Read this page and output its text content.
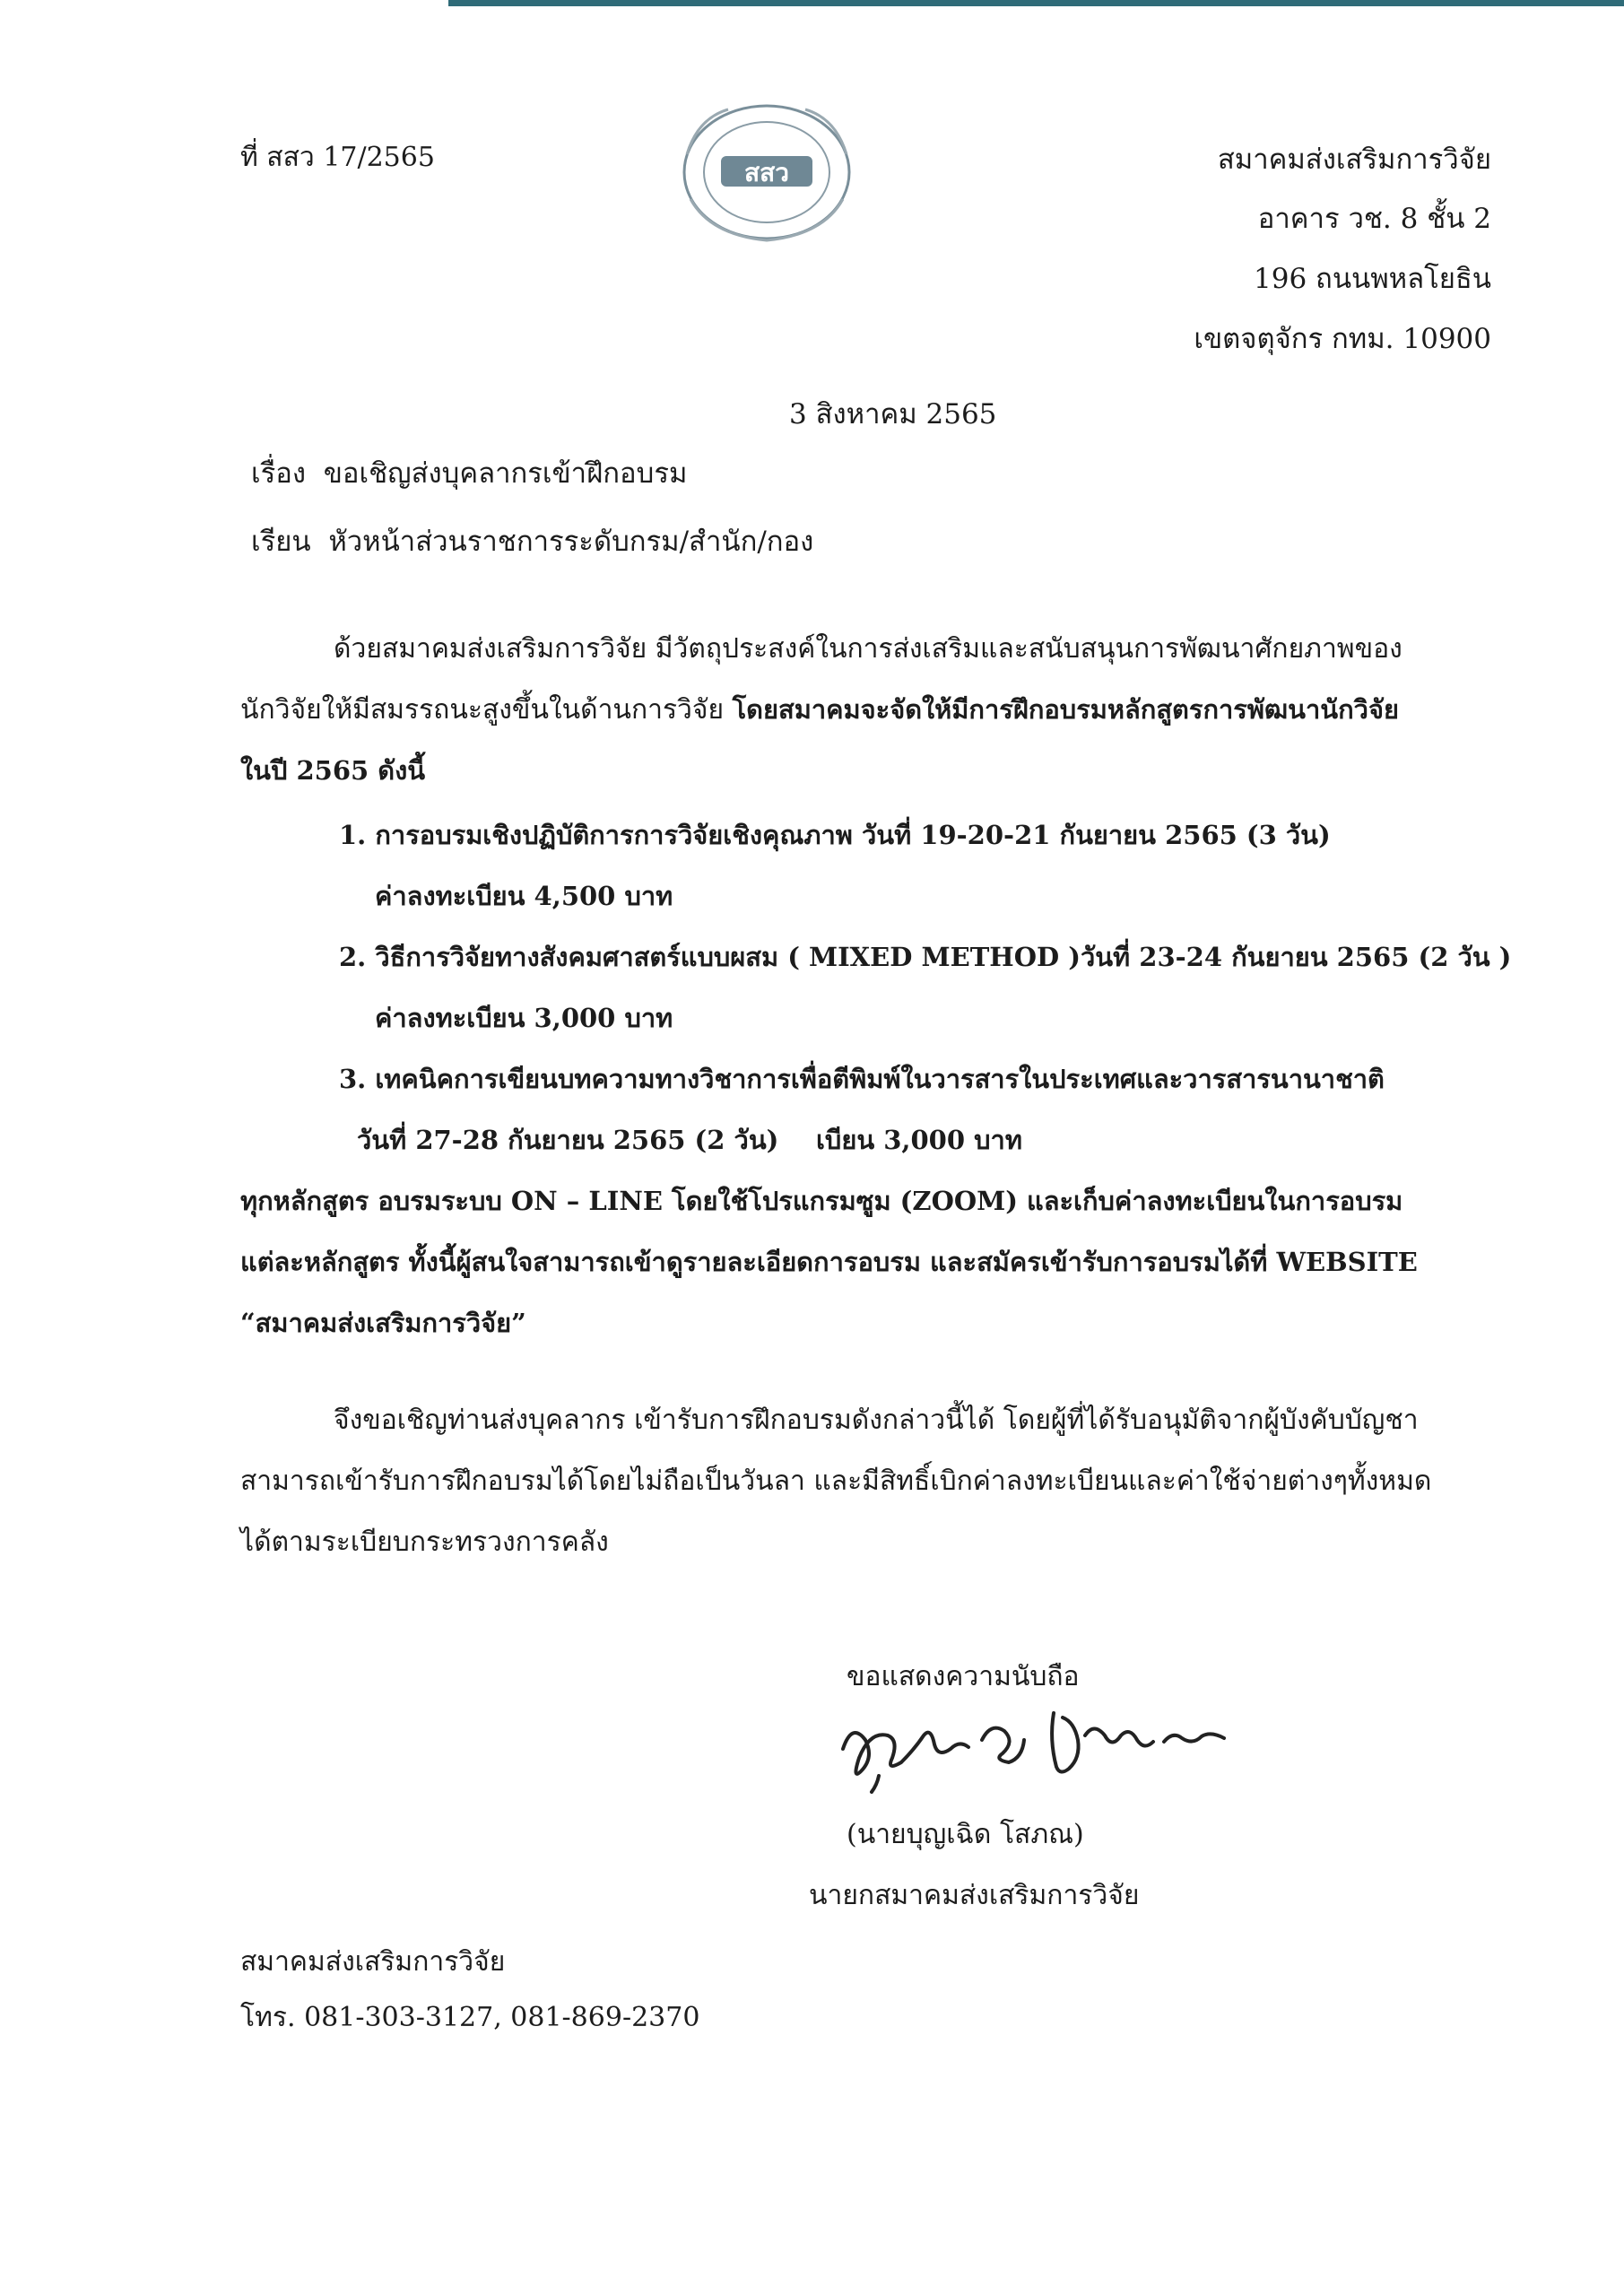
ที่ สสว 17/2565	สสว	สมาคมส่งเสริมการวิจัย
อาคาร วช. 8 ชั้น 2
196 ถนนพหลโยธิน
เขตจตุจักร กทม. 10900
3 สิงหาคม 2565
เรื่อง ขอเชิญส่งบุคลากรเข้าฝึกอบรม
เรียน หัวหน้าส่วนราชการระดับกรม/สำนัก/กอง
ด้วยสมาคมส่งเสริมการวิจัย มีวัตถุประสงค์ในการส่งเสริมและสนับสนุนการพัฒนาศักยภาพของ
นักวิจัยให้มีสมรรถนะสูงขึ้นในด้านการวิจัย โดยสมาคมจะจัดให้มีการฝึกอบรมหลักสูตรการพัฒนานักวิจัย
ในปี 2565 ดังนี้
1. การอบรมเชิงปฏิบัติการการวิจัยเชิงคุณภาพ วันที่ 19-20-21 กันยายน 2565 (3 วัน)
ค่าลงทะเบียน 4,500 บาท
2. วิธีการวิจัยทางสังคมศาสตร์แบบผสม ( MIXED METHOD )วันที่ 23-24 กันยายน 2565 (2 วัน )
ค่าลงทะเบียน 3,000 บาท
3. เทคนิคการเขียนบทความทางวิชาการเพื่อตีพิมพ์ในวารสารในประเทศและวารสารนานาชาติ
วันที่ 27-28 กันยายน 2565 (2 วัน) เบียน 3,000 บาท
ทุกหลักสูตร อบรมระบบ ON – LINE โดยใช้โปรแกรมซูม (ZOOM) และเก็บค่าลงทะเบียนในการอบรม
แต่ละหลักสูตร ทั้งนี้ผู้สนใจสามารถเข้าดูรายละเอียดการอบรม และสมัครเข้ารับการอบรมได้ที่ WEBSITE
“สมาคมส่งเสริมการวิจัย”
จึงขอเชิญท่านส่งบุคลากร เข้ารับการฝึกอบรมดังกล่าวนี้ได้ โดยผู้ที่ได้รับอนุมัติจากผู้บังคับบัญชา
สามารถเข้ารับการฝึกอบรมได้โดยไม่ถือเป็นวันลา และมีสิทธิ์เบิกค่าลงทะเบียนและค่าใช้จ่ายต่างๆทั้งหมด
ได้ตามระเบียบกระทรวงการคลัง
ขอแสดงความนับถือ
(นายบุญเฉิด โสภณ)
นายกสมาคมส่งเสริมการวิจัย
สมาคมส่งเสริมการวิจัย
โทร. 081-303-3127, 081-869-2370
